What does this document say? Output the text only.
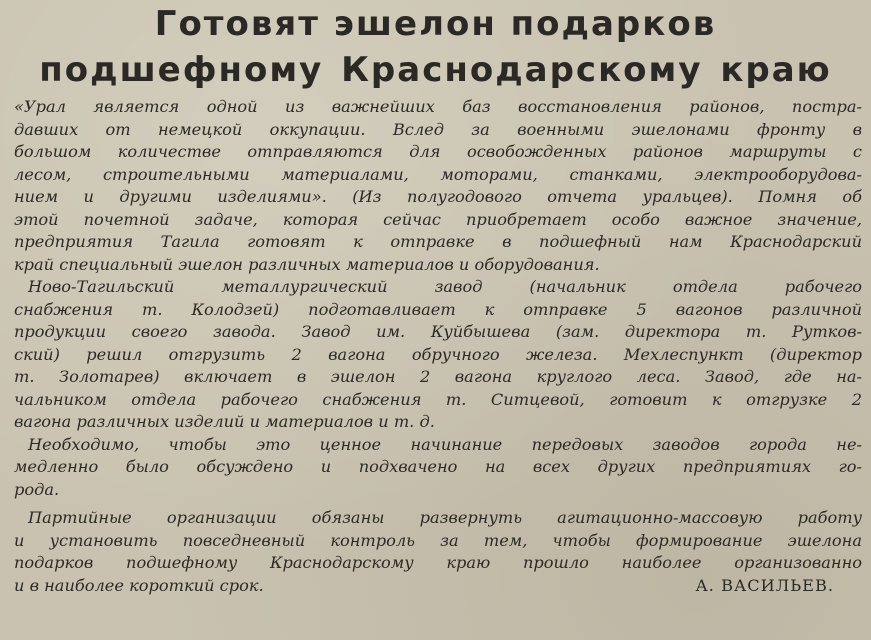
Готовят эшелон подарков
подшефному Краснодарскому краю
«Урал является одной из важнейших баз восстановления районов, постра-
давших от немецкой оккупации. Вслед за военными эшелонами фронту в
большом количестве отправляются для освобожденных районов маршруты с
лесом, строительными материалами, моторами, станками, электрооборудова-
нием и другими изделиями». (Из полугодового отчета уральцев). Помня об
этой почетной задаче, которая сейчас приобретает особо важное значение,
предприятия Тагила готовят к отправке в подшефный нам Краснодарский
край специальный эшелон различных материалов и оборудования.
Ново-Тагильский металлургический завод (начальник отдела рабочего
снабжения т. Колодзей) подготавливает к отправке 5 вагонов различной
продукции своего завода. Завод им. Куйбышева (зам. директора т. Рутков-
ский) решил отгрузить 2 вагона обручного железа. Мехлеспункт (директор
т. Золотарев) включает в эшелон 2 вагона круглого леса. Завод, где на-
чальником отдела рабочего снабжения т. Ситцевой, готовит к отгрузке 2
вагона различных изделий и материалов и т. д.
Необходимо, чтобы это ценное начинание передовых заводов города не-
медленно было обсуждено и подхвачено на всех других предприятиях го-
рода.
Партийные организации обязаны развернуть агитационно-массовую работу
и установить повседневный контроль за тем, чтобы формирование эшелона
подарков подшефному Краснодарскому краю прошло наиболее организованно
и в наиболее короткий срок.	А. ВАСИЛЬЕВ.
